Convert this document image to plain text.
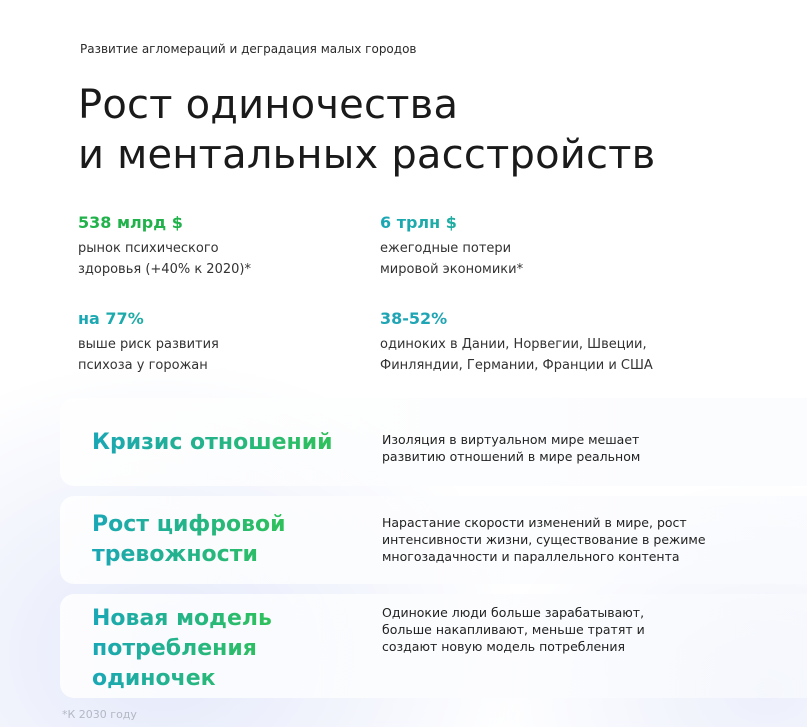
Развитие агломераций и деградация малых городов
Рост одиночества
и ментальных расстройств
538 млрд $
рынок психического
здоровья (+40% к 2020)*
6 трлн $
ежегодные потери
мировой экономики*
на 77%
выше риск развития
психоза у горожан
38-52%
одиноких в Дании, Норвегии, Швеции,
Финляндии, Германии, Франции и США
Кризис отношений	Изоляция в виртуальном мире мешает
развитию отношений в мире реальном
Рост цифровой
тревожности
Нарастание скорости изменений в мире, рост
интенсивности жизни, существование в режиме
многозадачности и параллельного контента
Новая модель
потребления
одиночек
Одинокие люди больше зарабатывают,
больше накапливают, меньше тратят и
создают новую модель потребления
*К 2030 году
